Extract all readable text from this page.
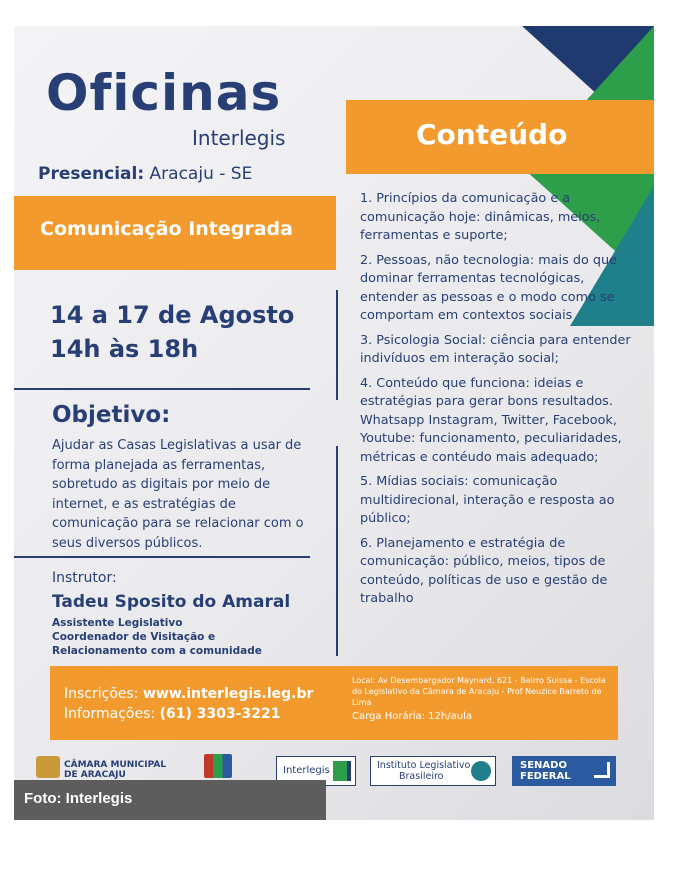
Oficinas
Interlegis
Presencial: Aracaju - SE
Comunicação Integrada
Conteúdo
14 a 17 de Agosto
14h às 18h
Objetivo:
Ajudar as Casas Legislativas a usar de forma planejada as ferramentas, sobretudo as digitais por meio de internet, e as estratégias de comunicação para se relacionar com o seus diversos públicos.
Instrutor:
Tadeu Sposito do Amaral
Assistente Legislativo
Coordenador de Visitação e
Relacionamento com a comunidade

1. Princípios da comunicação e a comunicação hoje: dinâmicas, meios, ferramentas e suporte;

2. Pessoas, não tecnologia: mais do que dominar ferramentas tecnológicas, entender as pessoas e o modo como se comportam em contextos sociais

3. Psicologia Social: ciência para entender indivíduos em interação social;

4. Conteúdo que funciona: ideias e estratégias para gerar bons resultados. Whatsapp Instagram, Twitter, Facebook, Youtube: funcionamento, peculiaridades, métricas e contéudo mais adequado;

5. Mídias sociais: comunicação multidirecional, interação e resposta ao público;

6. Planejamento e estratégia de comunicação: público, meios, tipos de conteúdo, políticas de uso e gestão de trabalho

Inscrições: www.interlegis.leg.br
Informações: (61) 3303-3221
Local: Av Desembargador Maynard, 621 - Bairro Suissa - Escola do Legislativo da Câmara de Aracaju - Prof Neuzice Barreto de Lima
Carga Horária: 12h/aula
CÂMARA MUNICIPAL
DE ARACAJU	Interlegis	Instituto Legislativo
Brasileiro
SENADO
FEDERAL
Foto: Interlegis
